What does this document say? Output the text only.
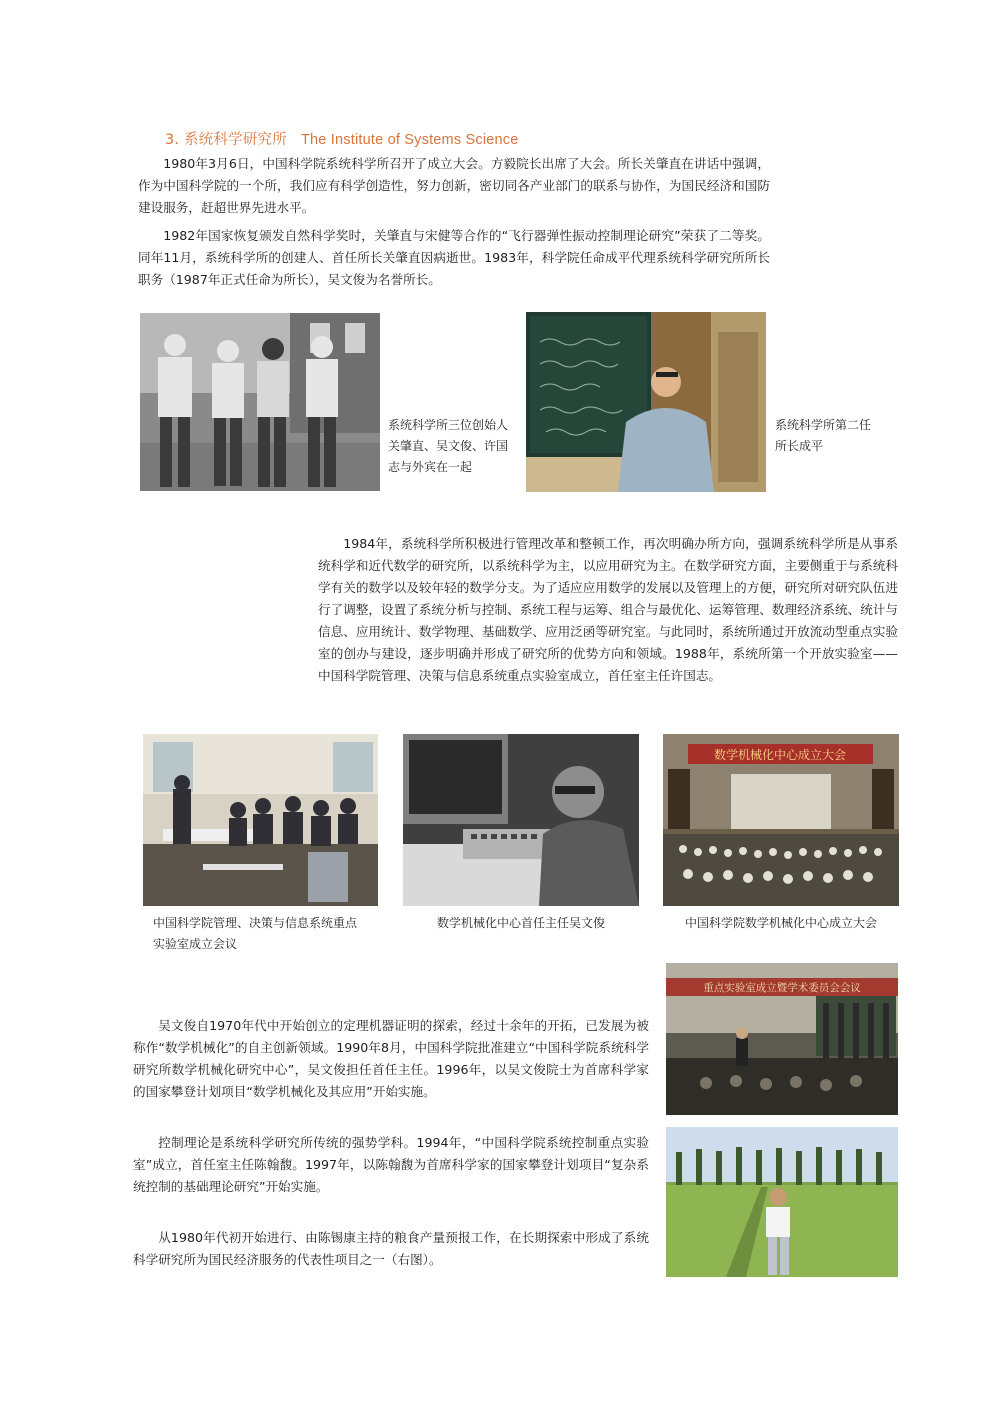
3. 系统科学研究所 The Institute of Systems Science

1980年3月6日，中国科学院系统科学所召开了成立大会。方毅院长出席了大会。所长关肇直在讲话中强调，作为中国科学院的一个所，我们应有科学创造性，努力创新，密切同各产业部门的联系与协作，为国民经济和国防建设服务，赶超世界先进水平。

1982年国家恢复颁发自然科学奖时，关肇直与宋健等合作的“飞行器弹性振动控制理论研究”荣获了二等奖。同年11月，系统科学所的创建人、首任所长关肇直因病逝世。1983年，科学院任命成平代理系统科学研究所所长职务（1987年正式任命为所长），吴文俊为名誉所长。

系统科学所三位创始人

关肇直、吴文俊、许国

志与外宾在一起

系统科学所第二任

所长成平

1984年，系统科学所积极进行管理改革和整顿工作，再次明确办所方向，强调系统科学所是从事系统科学和近代数学的研究所，以系统科学为主，以应用研究为主。在数学研究方面，主要侧重于与系统科学有关的数学以及较年轻的数学分支。为了适应应用数学的发展以及管理上的方便，研究所对研究队伍进行了调整，设置了系统分析与控制、系统工程与运筹、组合与最优化、运筹管理、数理经济系统、统计与信息、应用统计、数学物理、基础数学、应用泛函等研究室。与此同时，系统所通过开放流动型重点实验室的创办与建设，逐步明确并形成了研究所的优势方向和领域。1988年，系统所第一个开放实验室——中国科学院管理、决策与信息系统重点实验室成立，首任室主任许国志。

数学机械化中心成立大会

中国科学院管理、决策与信息系统重点

实验室成立会议

数学机械化中心首任主任吴文俊	中国科学院数学机械化中心成立大会

重点实验室成立暨学术委员会会议

吴文俊自1970年代中开始创立的定理机器证明的探索，经过十余年的开拓，已发展为被称作“数学机械化”的自主创新领域。1990年8月，中国科学院批准建立“中国科学院系统科学研究所数学机械化研究中心”，吴文俊担任首任主任。1996年，以吴文俊院士为首席科学家的国家攀登计划项目“数学机械化及其应用”开始实施。

控制理论是系统科学研究所传统的强势学科。1994年，“中国科学院系统控制重点实验室”成立，首任室主任陈翰馥。1997年，以陈翰馥为首席科学家的国家攀登计划项目“复杂系统控制的基础理论研究”开始实施。

从1980年代初开始进行、由陈锡康主持的粮食产量预报工作，在长期探索中形成了系统科学研究所为国民经济服务的代表性项目之一（右图）。
